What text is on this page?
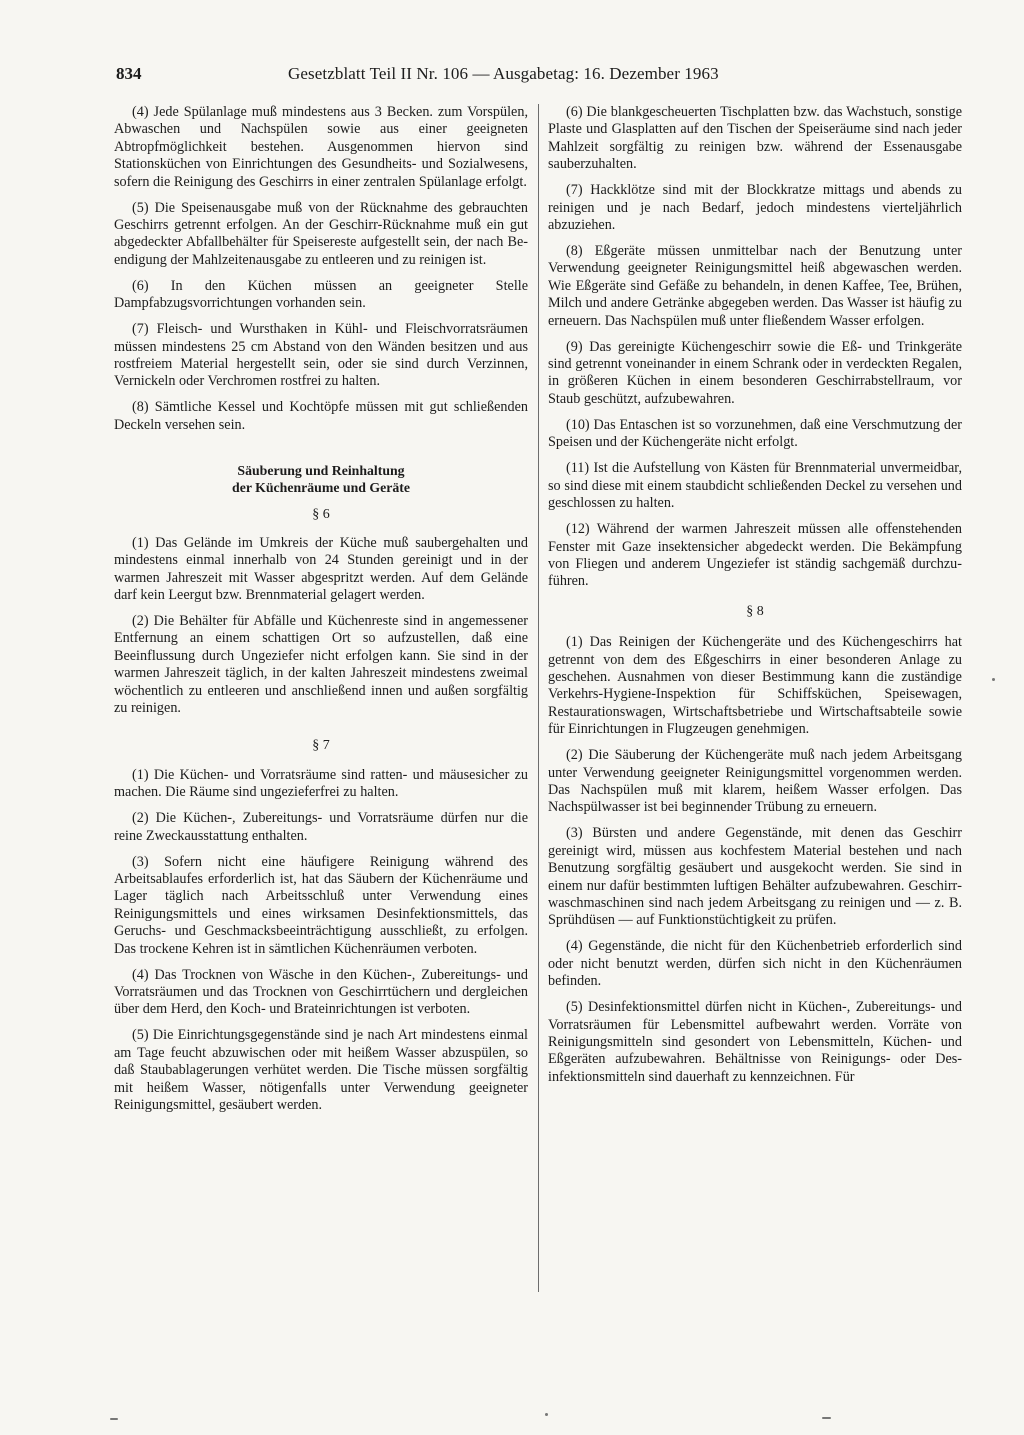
834	Gesetzblatt Teil II Nr. 106 — Ausgabetag: 16. Dezember 1963

(4) Jede Spülanlage muß mindestens aus 3 Becken. zum Vorspülen, Abwaschen und Nachspülen sowie aus einer geeigneten Abtropfmöglichkeit bestehen. Ausgenommen hiervon sind Stationsküchen von Einrichtungen des Gesundheits- und Sozialwesens, sofern die Reinigung des Geschirrs in einer zentralen Spülanlage erfolgt.

(5) Die Speisenausgabe muß von der Rücknahme des gebrauchten Geschirrs getrennt erfolgen. An der Geschirr-Rücknahme muß ein gut abgedeckter Abfallbehälter für Speisereste aufgestellt sein, der nach Beendigung der Mahlzeitenausgabe zu entleeren und zu reinigen ist.

(6) In den Küchen müssen an geeigneter Stelle Dampfabzugsvorrichtungen vorhanden sein.

(7) Fleisch- und Wursthaken in Kühl- und Fleischvorratsräumen müssen mindestens 25 cm Abstand von den Wänden besitzen und aus rostfreiem Material hergestellt sein, oder sie sind durch Verzinnen, Vernickeln oder Verchromen rostfrei zu halten.

(8) Sämtliche Kessel und Kochtöpfe müssen mit gut schließenden Deckeln versehen sein.

Säuberung und Reinhaltung
der Küchenräume und Geräte
§ 6

(1) Das Gelände im Umkreis der Küche muß saubergehalten und mindestens einmal innerhalb von 24 Stunden gereinigt und in der warmen Jahreszeit mit Wasser abgespritzt werden. Auf dem Gelände darf kein Leergut bzw. Brennmaterial gelagert werden.

(2) Die Behälter für Abfälle und Küchenreste sind in angemessener Entfernung an einem schattigen Ort so aufzustellen, daß eine Beeinflussung durch Ungeziefer nicht erfolgen kann. Sie sind in der warmen Jahreszeit täglich, in der kalten Jahreszeit mindestens zweimal wöchentlich zu entleeren und anschließend innen und außen sorgfältig zu reinigen.

§ 7

(1) Die Küchen- und Vorratsräume sind ratten- und mäusesicher zu machen. Die Räume sind ungezieferfrei zu halten.

(2) Die Küchen-, Zubereitungs- und Vorratsräume dürfen nur die reine Zweckausstattung enthalten.

(3) Sofern nicht eine häufigere Reinigung während des Arbeitsablaufes erforderlich ist, hat das Säubern der Küchenräume und Lager täglich nach Arbeitsschluß unter Verwendung eines Reinigungsmittels und eines wirksamen Desinfektionsmittels, das Geruchs- und Geschmacksbeeinträchtigung ausschließt, zu erfolgen. Das trockene Kehren ist in sämtlichen Küchenräumen verboten.

(4) Das Trocknen von Wäsche in den Küchen-, Zubereitungs- und Vorratsräumen und das Trocknen von Geschirrtüchern und dergleichen über dem Herd, den Koch- und Brateinrichtungen ist verboten.

(5) Die Einrichtungsgegenstände sind je nach Art mindestens einmal am Tage feucht abzuwischen oder mit heißem Wasser abzuspülen, so daß Staubablagerungen verhütet werden. Die Tische müssen sorgfältig mit heißem Wasser, nötigenfalls unter Verwendung geeigneter Reinigungsmittel, gesäubert werden.

(6) Die blankgescheuerten Tischplatten bzw. das Wachstuch, sonstige Plaste und Glasplatten auf den Tischen der Speiseräume sind nach jeder Mahlzeit sorgfältig zu reinigen bzw. während der Essenausgabe sauberzuhalten.

(7) Hackklötze sind mit der Blockkratze mittags und abends zu reinigen und je nach Bedarf, jedoch mindestens vierteljährlich abzuziehen.

(8) Eßgeräte müssen unmittelbar nach der Benutzung unter Verwendung geeigneter Reinigungsmittel heiß abgewaschen werden. Wie Eßgeräte sind Gefäße zu behandeln, in denen Kaffee, Tee, Brühen, Milch und andere Getränke abgegeben werden. Das Wasser ist häufig zu erneuern. Das Nachspülen muß unter fließendem Wasser erfolgen.

(9) Das gereinigte Küchengeschirr sowie die Eß- und Trinkgeräte sind getrennt voneinander in einem Schrank oder in verdeckten Regalen, in größeren Küchen in einem besonderen Geschirrabstellraum, vor Staub geschützt, aufzubewahren.

(10) Das Entaschen ist so vorzunehmen, daß eine Verschmutzung der Speisen und der Küchengeräte nicht erfolgt.

(11) Ist die Aufstellung von Kästen für Brennmaterial unvermeidbar, so sind diese mit einem staubdicht schließenden Deckel zu versehen und geschlossen zu halten.

(12) Während der warmen Jahreszeit müssen alle offenstehenden Fenster mit Gaze insektensicher abgedeckt werden. Die Bekämpfung von Fliegen und anderem Ungeziefer ist ständig sachgemäß durchzuführen.

§ 8

(1) Das Reinigen der Küchengeräte und des Küchengeschirrs hat getrennt von dem des Eßgeschirrs in einer besonderen Anlage zu geschehen. Ausnahmen von dieser Bestimmung kann die zuständige Verkehrs-Hygiene-Inspektion für Schiffsküchen, Speisewagen, Restaurationswagen, Wirtschaftsbetriebe und Wirtschaftsabteile sowie für Einrichtungen in Flugzeugen genehmigen.

(2) Die Säuberung der Küchengeräte muß nach jedem Arbeitsgang unter Verwendung geeigneter Reinigungsmittel vorgenommen werden. Das Nachspülen muß mit klarem, heißem Wasser erfolgen. Das Nachspülwasser ist bei beginnender Trübung zu erneuern.

(3) Bürsten und andere Gegenstände, mit denen das Geschirr gereinigt wird, müssen aus kochfestem Material bestehen und nach Benutzung sorgfältig gesäubert und ausgekocht werden. Sie sind in einem nur dafür bestimmten luftigen Behälter aufzubewahren. Geschirrwaschmaschinen sind nach jedem Arbeitsgang zu reinigen und — z. B. Sprühdüsen — auf Funktionstüchtigkeit zu prüfen.

(4) Gegenstände, die nicht für den Küchenbetrieb erforderlich sind oder nicht benutzt werden, dürfen sich nicht in den Küchenräumen befinden.

(5) Desinfektionsmittel dürfen nicht in Küchen-, Zubereitungs- und Vorratsräumen für Lebensmittel aufbewahrt werden. Vorräte von Reinigungsmitteln sind gesondert von Lebensmitteln, Küchen- und Eßgeräten aufzubewahren. Behältnisse von Reinigungs- oder Desinfektionsmitteln sind dauerhaft zu kennzeichnen. Für
